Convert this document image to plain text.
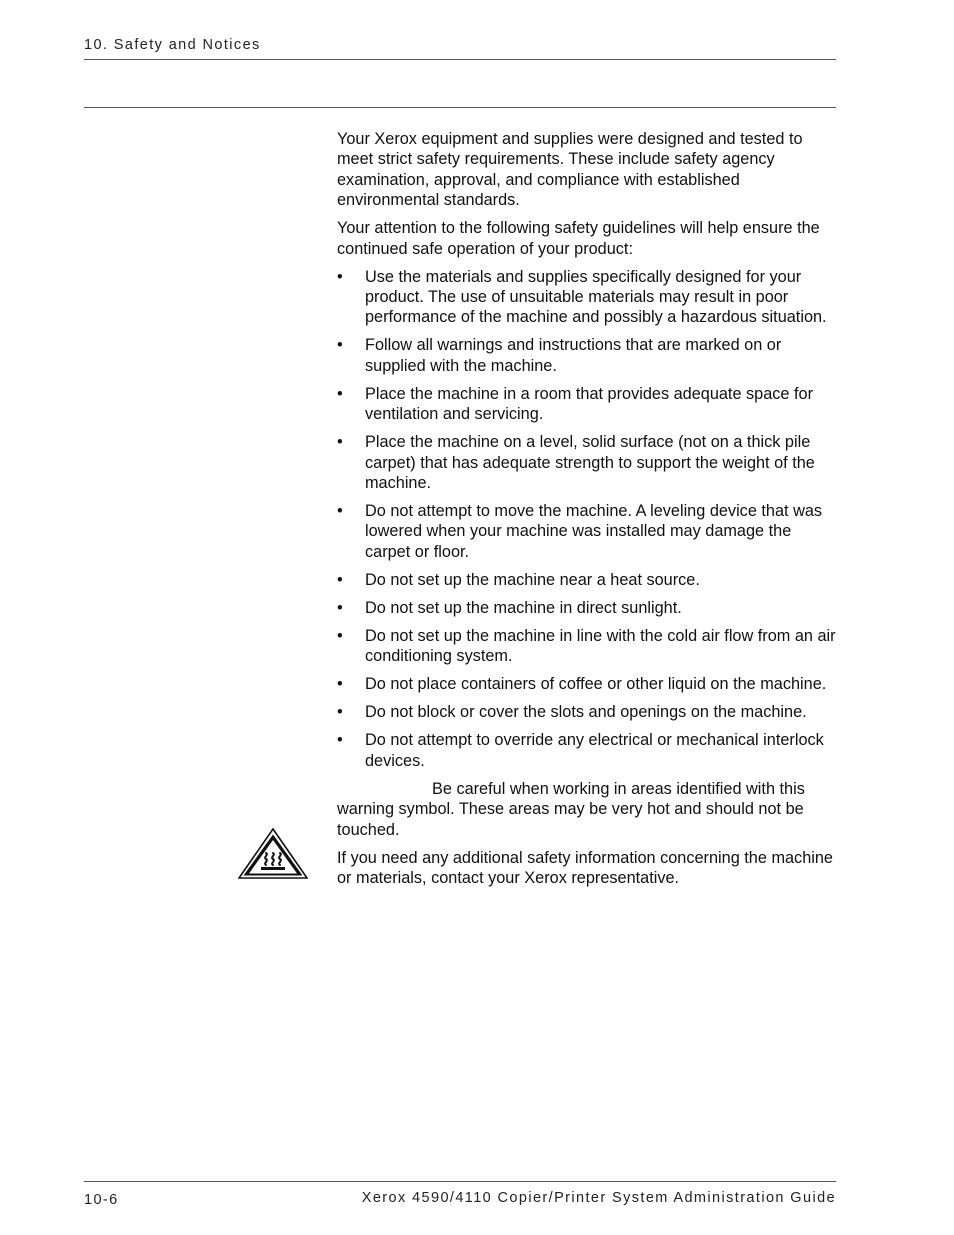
10. Safety and Notices

Your Xerox equipment and supplies were designed and tested to meet strict safety requirements. These include safety agency examination, approval, and compliance with established environmental standards.

Your attention to the following safety guidelines will help ensure the continued safe operation of your product:

• Use the materials and supplies specifically designed for your product. The use of unsuitable materials may result in poor performance of the machine and possibly a hazardous situation.
• Follow all warnings and instructions that are marked on or supplied with the machine.
• Place the machine in a room that provides adequate space for ventilation and servicing.
• Place the machine on a level, solid surface (not on a thick pile carpet) that has adequate strength to support the weight of the machine.
• Do not attempt to move the machine. A leveling device that was lowered when your machine was installed may damage the carpet or floor.
• Do not set up the machine near a heat source.
• Do not set up the machine in direct sunlight.
• Do not set up the machine in line with the cold air flow from an air conditioning system.
• Do not place containers of coffee or other liquid on the machine.
• Do not block or cover the slots and openings on the machine.
• Do not attempt to override any electrical or mechanical interlock devices.

Be careful when working in areas identified with this warning symbol. These areas may be very hot and should not be touched.

If you need any additional safety information concerning the machine or materials, contact your Xerox representative.

10-6	Xerox 4590/4110 Copier/Printer System Administration Guide
